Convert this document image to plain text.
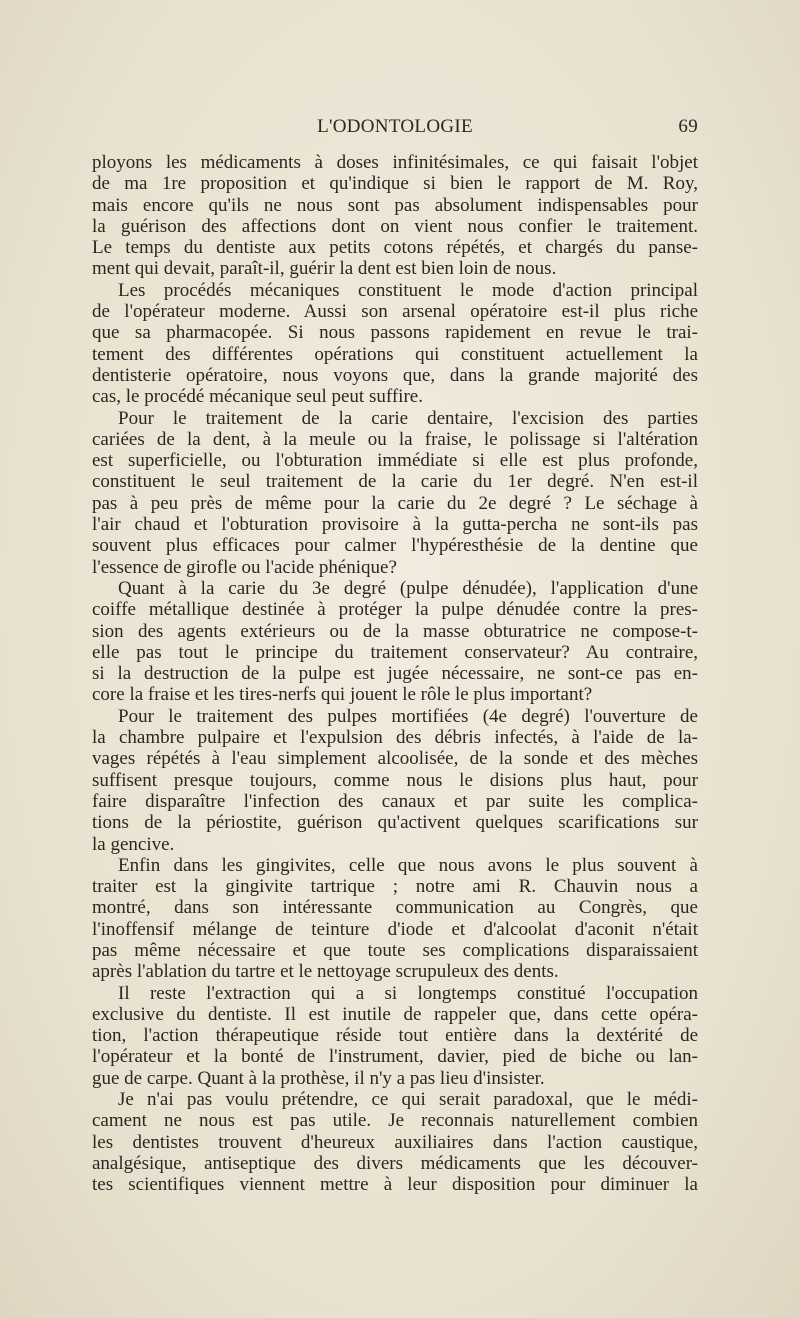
L'ODONTOLOGIE	69
ployons les médicaments à doses infinitésimales, ce qui faisait l'objet
de ma 1re proposition et qu'indique si bien le rapport de M. Roy,
mais encore qu'ils ne nous sont pas absolument indispensables pour
la guérison des affections dont on vient nous confier le traitement.
Le temps du dentiste aux petits cotons répétés, et chargés du panse-
ment qui devait, paraît-il, guérir la dent est bien loin de nous.
Les procédés mécaniques constituent le mode d'action principal
de l'opérateur moderne. Aussi son arsenal opératoire est-il plus riche
que sa pharmacopée. Si nous passons rapidement en revue le trai-
tement des différentes opérations qui constituent actuellement la
dentisterie opératoire, nous voyons que, dans la grande majorité des
cas, le procédé mécanique seul peut suffire.
Pour le traitement de la carie dentaire, l'excision des parties
cariées de la dent, à la meule ou la fraise, le polissage si l'altération
est superficielle, ou l'obturation immédiate si elle est plus profonde,
constituent le seul traitement de la carie du 1er degré. N'en est-il
pas à peu près de même pour la carie du 2e degré ? Le séchage à
l'air chaud et l'obturation provisoire à la gutta-percha ne sont-ils pas
souvent plus efficaces pour calmer l'hypéresthésie de la dentine que
l'essence de girofle ou l'acide phénique?
Quant à la carie du 3e degré (pulpe dénudée), l'application d'une
coiffe métallique destinée à protéger la pulpe dénudée contre la pres-
sion des agents extérieurs ou de la masse obturatrice ne compose-t-
elle pas tout le principe du traitement conservateur? Au contraire,
si la destruction de la pulpe est jugée nécessaire, ne sont-ce pas en-
core la fraise et les tires-nerfs qui jouent le rôle le plus important?
Pour le traitement des pulpes mortifiées (4e degré) l'ouverture de
la chambre pulpaire et l'expulsion des débris infectés, à l'aide de la-
vages répétés à l'eau simplement alcoolisée, de la sonde et des mèches
suffisent presque toujours, comme nous le disions plus haut, pour
faire disparaître l'infection des canaux et par suite les complica-
tions de la périostite, guérison qu'activent quelques scarifications sur
la gencive.
Enfin dans les gingivites, celle que nous avons le plus souvent à
traiter est la gingivite tartrique ; notre ami R. Chauvin nous a
montré, dans son intéressante communication au Congrès, que
l'inoffensif mélange de teinture d'iode et d'alcoolat d'aconit n'était
pas même nécessaire et que toute ses complications disparaissaient
après l'ablation du tartre et le nettoyage scrupuleux des dents.
Il reste l'extraction qui a si longtemps constitué l'occupation
exclusive du dentiste. Il est inutile de rappeler que, dans cette opéra-
tion, l'action thérapeutique réside tout entière dans la dextérité de
l'opérateur et la bonté de l'instrument, davier, pied de biche ou lan-
gue de carpe. Quant à la prothèse, il n'y a pas lieu d'insister.
Je n'ai pas voulu prétendre, ce qui serait paradoxal, que le médi-
cament ne nous est pas utile. Je reconnais naturellement combien
les dentistes trouvent d'heureux auxiliaires dans l'action caustique,
analgésique, antiseptique des divers médicaments que les découver-
tes scientifiques viennent mettre à leur disposition pour diminuer la
